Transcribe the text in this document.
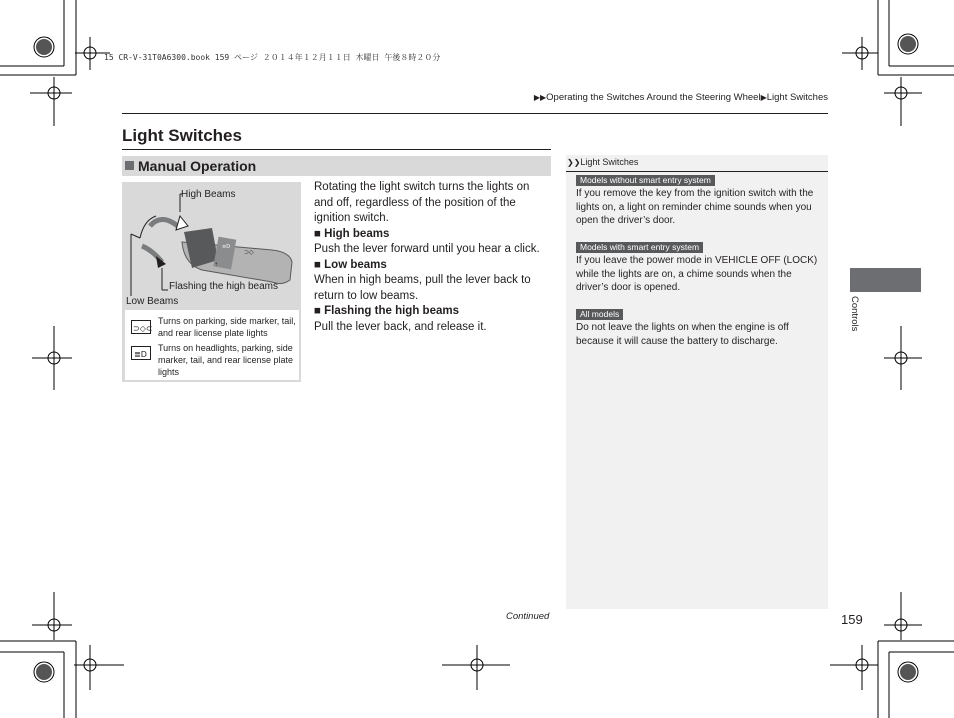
15 CR-V-31T0A6300.book 159 ページ ２０１４年１２月１１日 木曜日 午後８時２０分
▶▶Operating the Switches Around the Steering Wheel▶Light Switches
Light Switches
Manual Operation
≡D
⊃◇
⇡
High Beams
Flashing the high beams
Low Beams
⊃◇⊂
Turns on parking, side marker, tail, and rear license plate lights
≣D
Turns on headlights, parking, side marker, tail, and rear license plate lights

Rotating the light switch turns the lights on and off, regardless of the position of the ignition switch.

■ High beams

Push the lever forward until you hear a click.

■ Low beams

When in high beams, pull the lever back to return to low beams.

■ Flashing the high beams

Pull the lever back, and release it.

❯❯Light Switches
Models without smart entry system
If you remove the key from the ignition switch with the lights on, a light on reminder chime sounds when you open the driver’s door.
Models with smart entry system
If you leave the power mode in VEHICLE OFF (LOCK) while the lights are on, a chime sounds when the driver’s door is opened.
All models
Do not leave the lights on when the engine is off because it will cause the battery to discharge.
Controls
Continued	159
